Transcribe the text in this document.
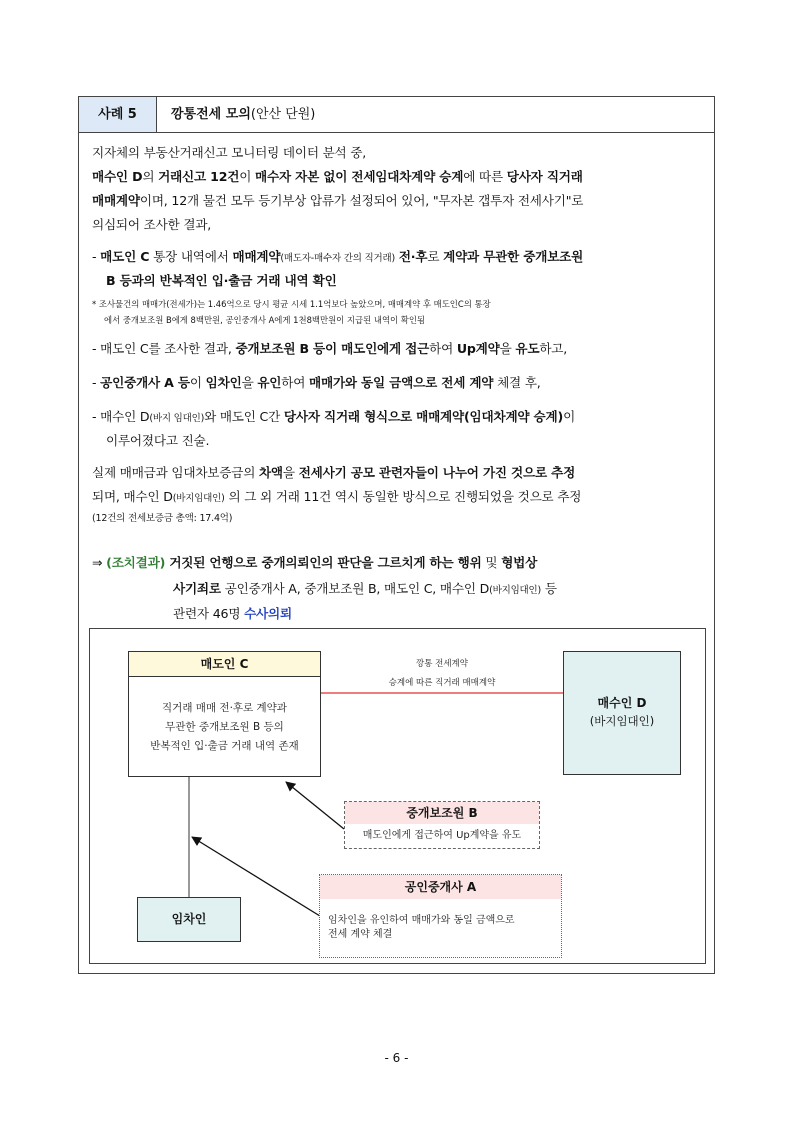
사례 5	깡통전세 모의(안산 단원)
지자체의 부동산거래신고 모니터링 데이터 분석 중,
매수인 D의 거래신고 12건이 매수자 자본 없이 전세임대차계약 승계에 따른 당사자 직거래
매매계약이며, 12개 물건 모두 등기부상 압류가 설정되어 있어, "무자본 갭투자 전세사기"로
의심되어 조사한 결과,
- 매도인 C 통장 내역에서 매매계약(매도자-매수자 간의 직거래) 전·후로 계약과 무관한 중개보조원
B 등과의 반복적인 입·출금 거래 내역 확인
* 조사물건의 매매가(전세가)는 1.46억으로 당시 평균 시세 1.1억보다 높았으며, 매매계약 후 매도인C의 통장
에서 중개보조원 B에게 8백만원, 공인중개사 A에게 1천8백만원이 지급된 내역이 확인됨
- 매도인 C를 조사한 결과, 중개보조원 B 등이 매도인에게 접근하여 Up계약을 유도하고,
- 공인중개사 A 등이 임차인을 유인하여 매매가와 동일 금액으로 전세 계약 체결 후,
- 매수인 D(바지 임대인)와 매도인 C간 당사자 직거래 형식으로 매매계약(임대차계약 승계)이
이루어졌다고 진술.
실제 매매금과 임대차보증금의 차액을 전세사기 공모 관련자들이 나누어 가진 것으로 추정
되며, 매수인 D(바지임대인) 의 그 외 거래 11건 역시 동일한 방식으로 진행되었을 것으로 추정
(12건의 전세보증금 총액: 17.4억)
⇒ (조치결과) 거짓된 언행으로 중개의뢰인의 판단을 그르치게 하는 행위 및 형법상
사기죄로 공인중개사 A, 중개보조원 B, 매도인 C, 매수인 D(바지임대인) 등
관련자 46명 수사의뢰
매도인 C
직거래 매매 전·후로 계약과
무관한 중개보조원 B 등의
반복적인 입·출금 거래 내역 존재
깡통 전세계약
승계에 따른 직거래 매매계약
매수인 D
(바지임대인)
중개보조원 B
매도인에게 접근하여 Up계약을 유도
공인중개사 A
임차인을 유인하여 매매가와 동일 금액으로
전세 계약 체결
임차인
- 6 -
